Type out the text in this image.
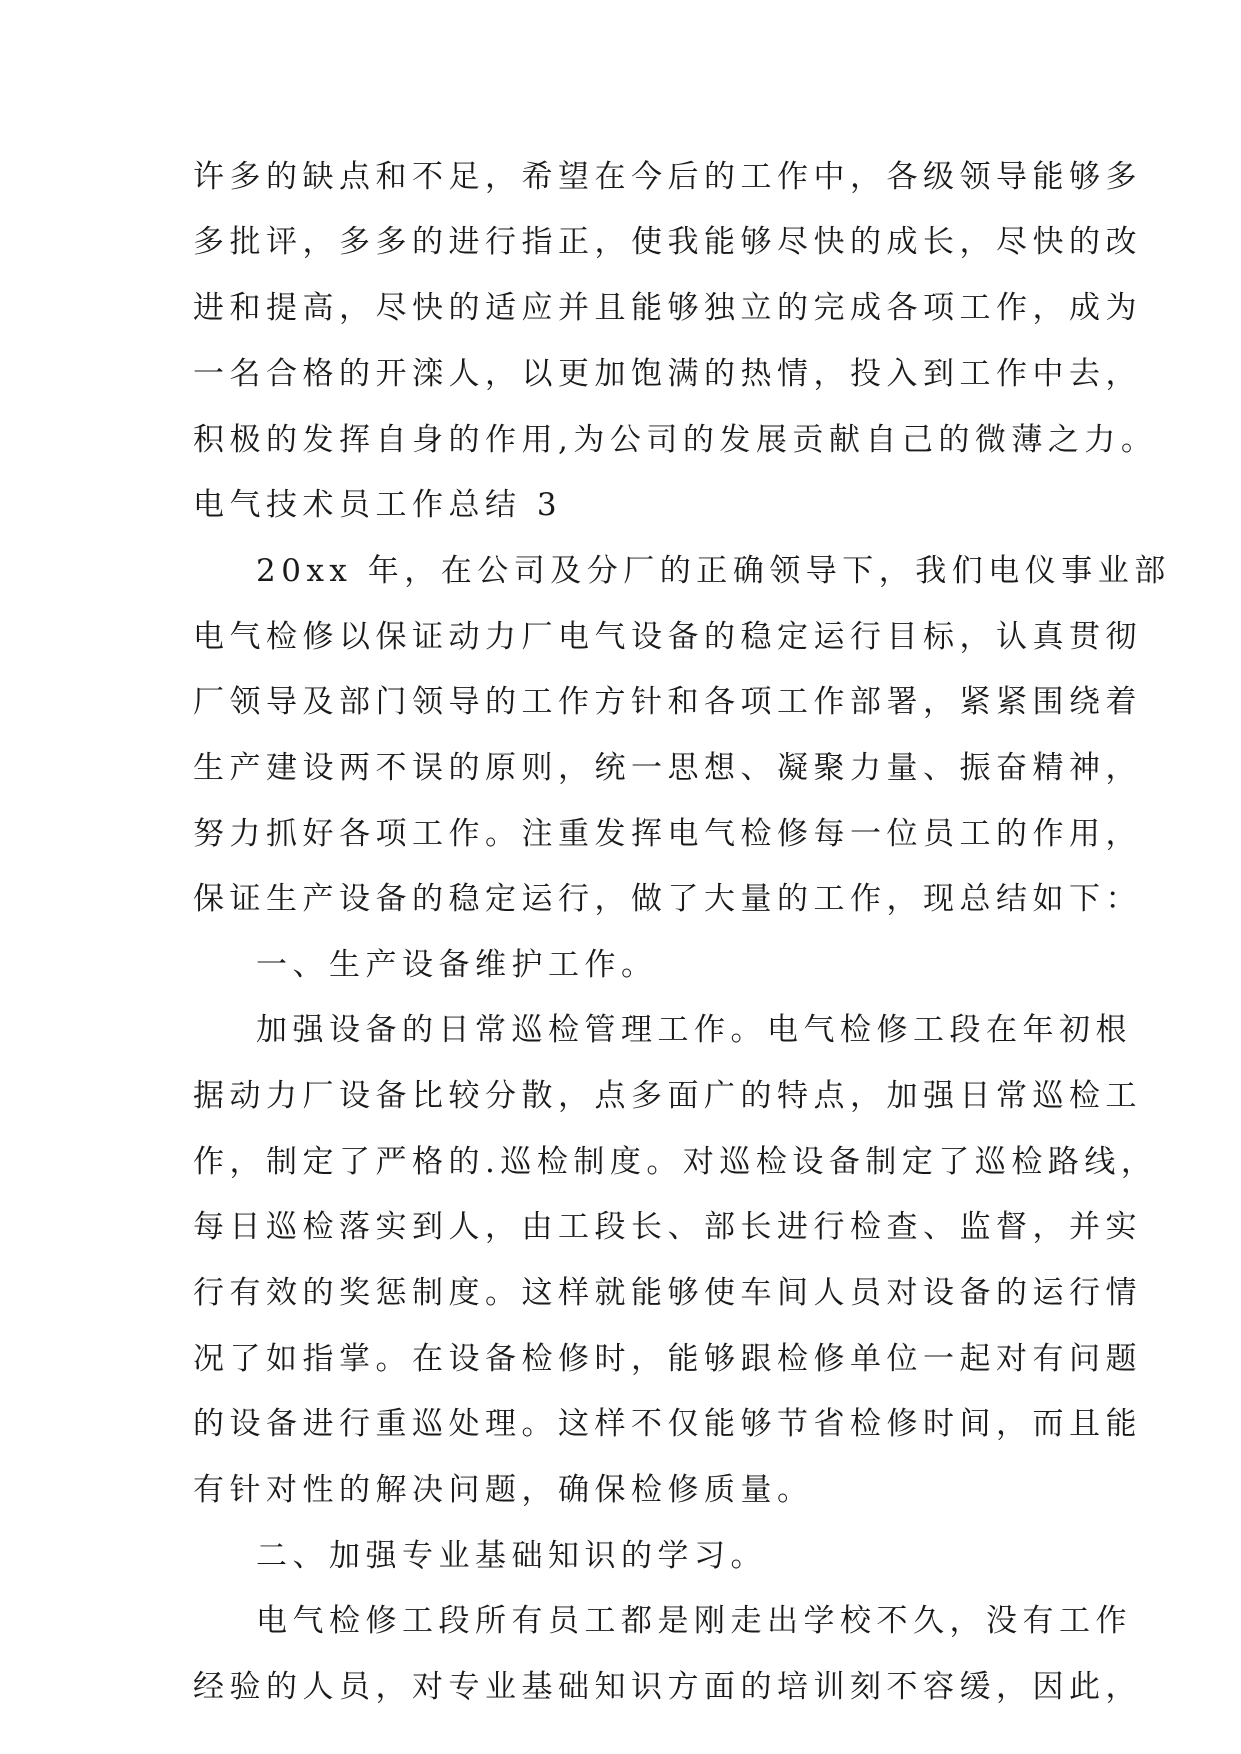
许多的缺点和不足，希望在今后的工作中，各级领导能够多
多批评，多多的进行指正，使我能够尽快的成长，尽快的改
进和提高，尽快的适应并且能够独立的完成各项工作，成为
一名合格的开滦人，以更加饱满的热情，投入到工作中去，
积极的发挥自身的作用,为公司的发展贡献自己的微薄之力。
电气技术员工作总结 3
20xx 年，在公司及分厂的正确领导下，我们电仪事业部
电气检修以保证动力厂电气设备的稳定运行目标，认真贯彻
厂领导及部门领导的工作方针和各项工作部署，紧紧围绕着
生产建设两不误的原则，统一思想、凝聚力量、振奋精神，
努力抓好各项工作。注重发挥电气检修每一位员工的作用，
保证生产设备的稳定运行，做了大量的工作，现总结如下：
一、生产设备维护工作。
加强设备的日常巡检管理工作。电气检修工段在年初根
据动力厂设备比较分散，点多面广的特点，加强日常巡检工
作，制定了严格的.巡检制度。对巡检设备制定了巡检路线，
每日巡检落实到人，由工段长、部长进行检查、监督，并实
行有效的奖惩制度。这样就能够使车间人员对设备的运行情
况了如指掌。在设备检修时，能够跟检修单位一起对有问题
的设备进行重巡处理。这样不仅能够节省检修时间，而且能
有针对性的解决问题，确保检修质量。
二、加强专业基础知识的学习。
电气检修工段所有员工都是刚走出学校不久，没有工作
经验的人员，对专业基础知识方面的培训刻不容缓，因此，
